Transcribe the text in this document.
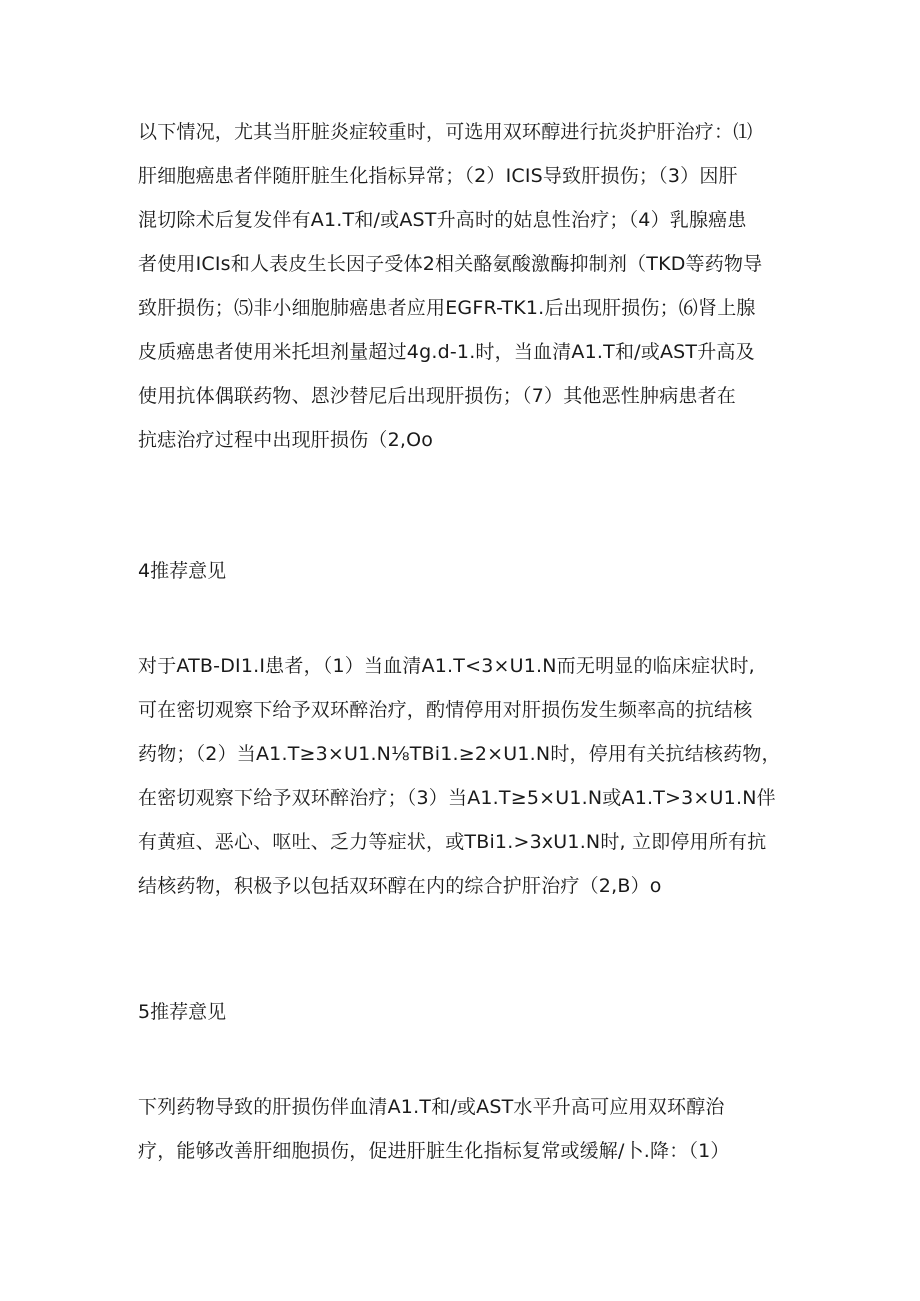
以下情况，尤其当肝脏炎症较重时，可选用双环醇进行抗炎护肝治疗：⑴
肝细胞癌患者伴随肝脏生化指标异常；（2）ICIS导致肝损伤；（3）因肝
混切除术后复发伴有A1.T和/或AST升高时的姑息性治疗；（4）乳腺癌患
者使用ICIs和人表皮生长因子受体2相关酪氨酸激酶抑制剂（TKD等药物导
致肝损伤；⑸非小细胞肺癌患者应用EGFR-TK1.后出现肝损伤；⑹肾上腺
皮质癌患者使用米托坦剂量超过4g.d-1.时，当血清A1.T和/或AST升高及
使用抗体偶联药物、恩沙替尼后出现肝损伤；（7）其他恶性肿病患者在
抗痣治疗过程中出现肝损伤（2,Oo
4推荐意见
对于ATB-DI1.I患者，（1）当血清A1.T<3×U1.N而无明显的临床症状时,
可在密切观察下给予双环醉治疗，酌情停用对肝损伤发生频率高的抗结核
药物；（2）当A1.T≥3×U1.N⅛TBi1.≥2×U1.N时，停用有关抗结核药物，
在密切观察下给予双环醉治疗；（3）当A1.T≥5×U1.N或A1.T>3×U1.N伴
有黄疸、恶心、呕吐、乏力等症状，或TBi1.>3xU1.N时, 立即停用所有抗
结核药物，积极予以包括双环醇在内的综合护肝治疗（2,B）o
5推荐意见
下列药物导致的肝损伤伴血清A1.T和/或AST水平升高可应用双环醇治
疗，能够改善肝细胞损伤，促进肝脏生化指标复常或缓解/卜.降：（1）
